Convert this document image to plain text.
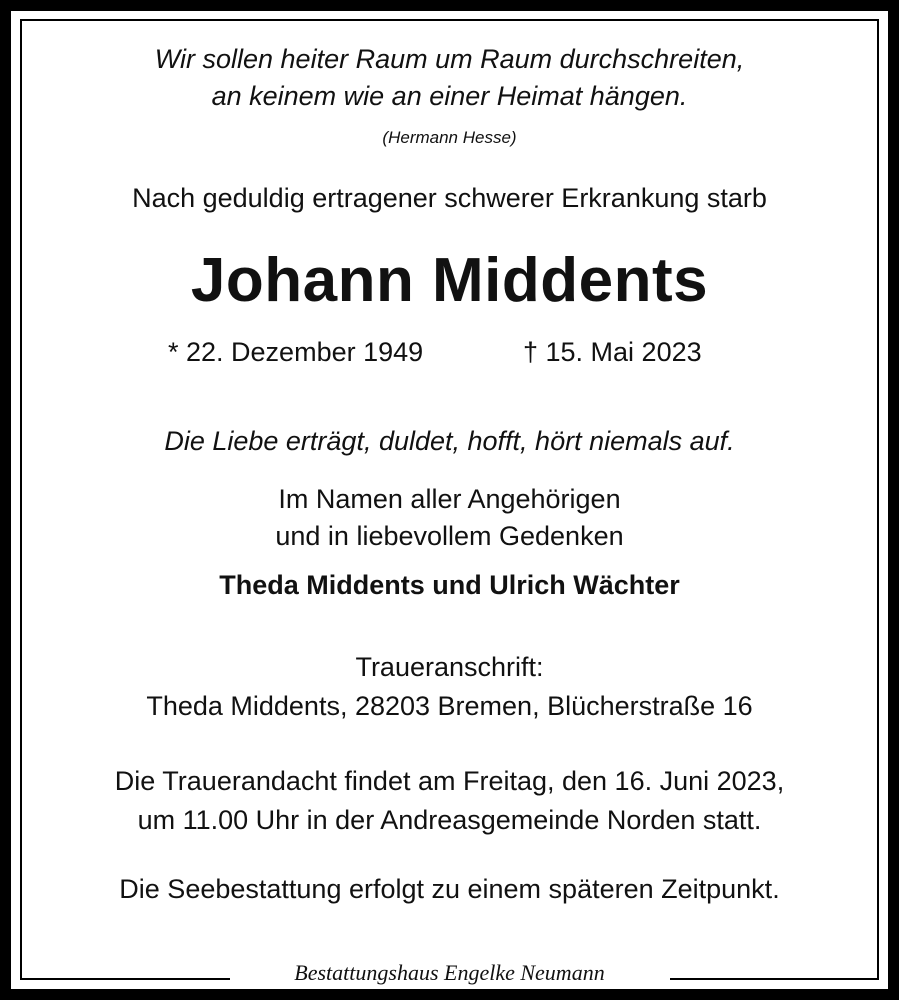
Wir sollen heiter Raum um Raum durchschreiten,
an keinem wie an einer Heimat hängen.
(Hermann Hesse)
Nach geduldig ertragener schwerer Erkrankung starb
Johann Middents
* 22. Dezember 1949	† 15. Mai 2023
Die Liebe erträgt, duldet, hofft, hört niemals auf.
Im Namen aller Angehörigen
und in liebevollem Gedenken
Theda Middents und Ulrich Wächter
Traueranschrift:
Theda Middents, 28203 Bremen, Blücherstraße 16
Die Trauerandacht findet am Freitag, den 16. Juni 2023,
um 11.00 Uhr in der Andreasgemeinde Norden statt.
Die Seebestattung erfolgt zu einem späteren Zeitpunkt.
Bestattungshaus Engelke Neumann
